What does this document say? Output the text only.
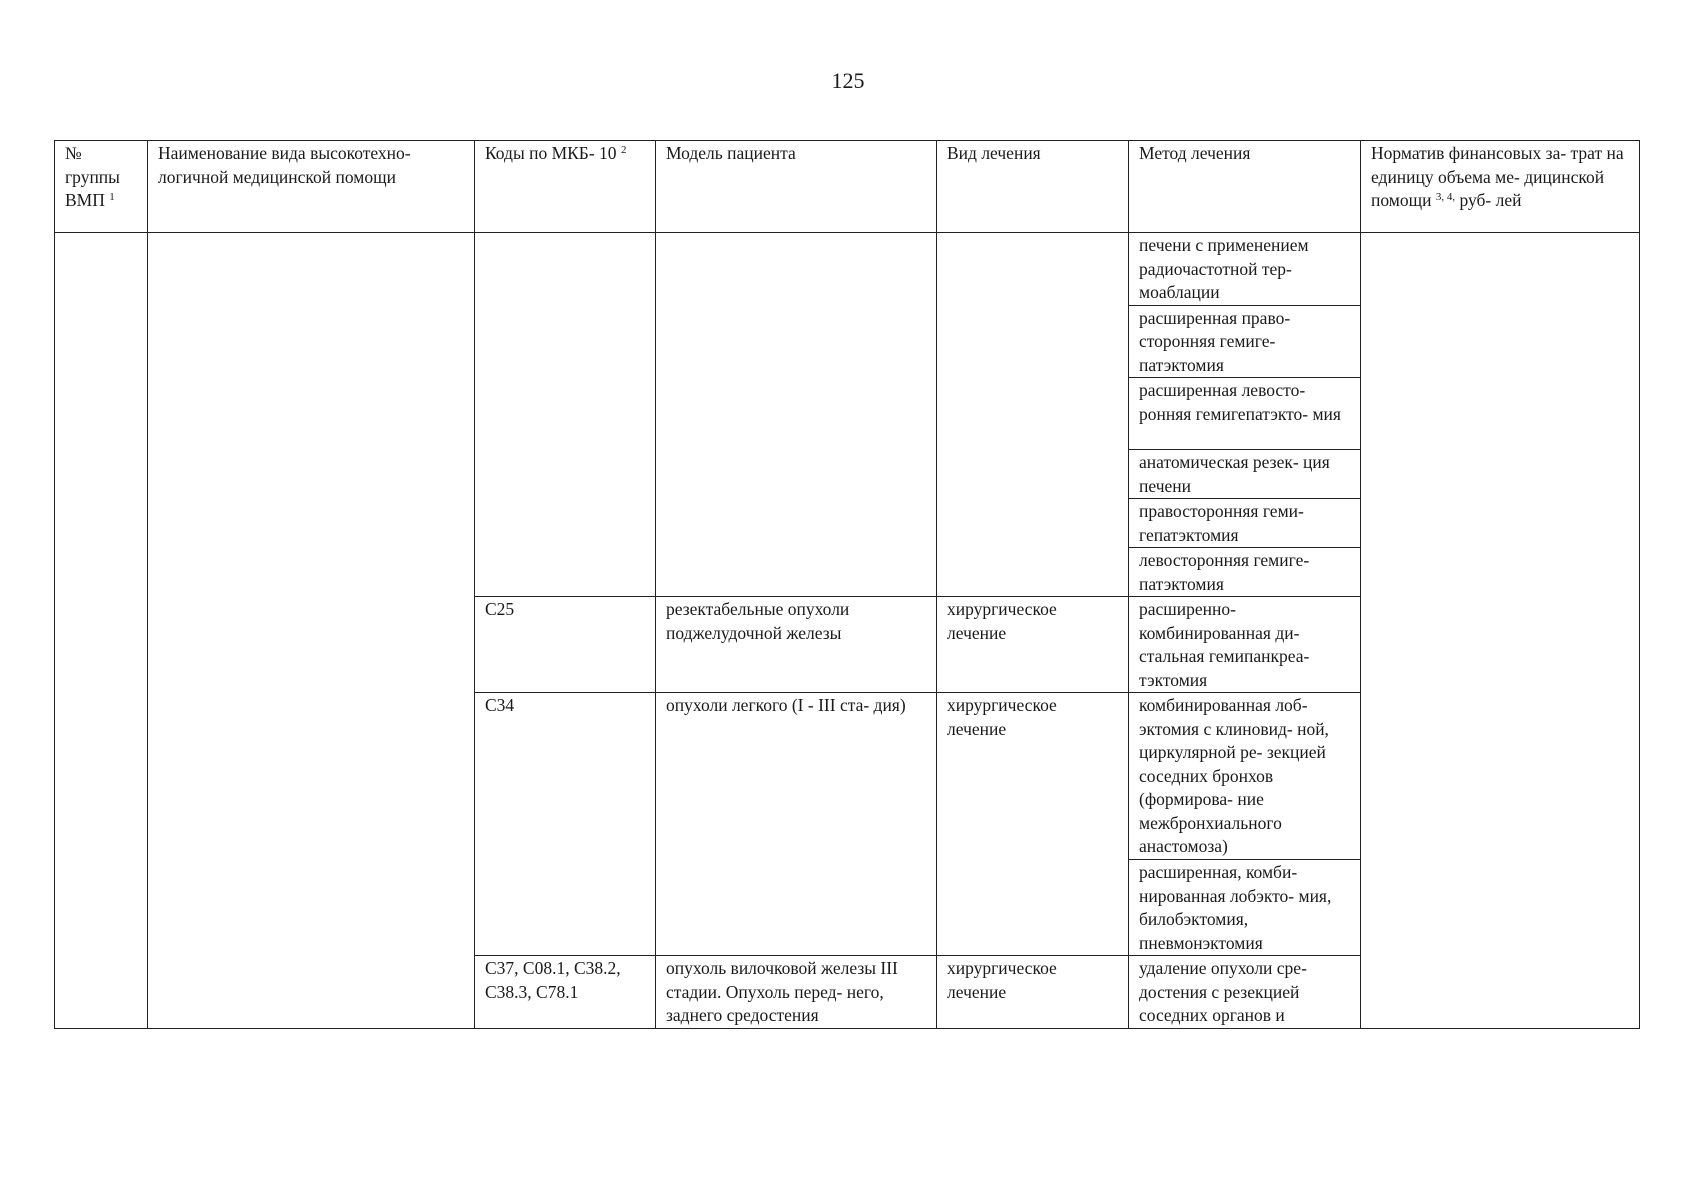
125
№ группы ВМП $^1$	Наименование вида высокотехно- логичной медицинской помощи	Коды по МКБ- 10 $^2$	Модель пациента	Вид лечения	Метод лечения	Норматив финансовых за- трат на единицу объема ме- дицинской помощи $^{3, 4,}$ руб- лей
					печени с применением радиочастотной тер- моаблации	
					расширенная право- сторонняя гемиге- патэктомия	
					расширенная левосто- ронняя гемигепатэкто- мия	
					анатомическая резек- ция печени	
					правосторонняя геми- гепатэктомия	
					левосторонняя гемиге- патэктомия	
		C25	резектабельные опухоли поджелудочной железы	хирургическое лечение	расширенно- комбинированная ди- стальная гемипанкреа- тэктомия	
		C34	опухоли легкого (I - III ста- дия)	хирургическое лечение	комбинированная лоб- эктомия с клиновид- ной, циркулярной ре- зекцией соседних бронхов (формирова- ние межбронхиального анастомоза)	
					расширенная, комби- нированная лобэкто- мия, билобэктомия, пневмонэктомия	
		C37, C08.1, C38.2, C38.3, C78.1	опухоль вилочковой железы III стадии. Опухоль перед- него, заднего средостения	хирургическое лечение	удаление опухоли сре- достения с резекцией соседних органов и	
